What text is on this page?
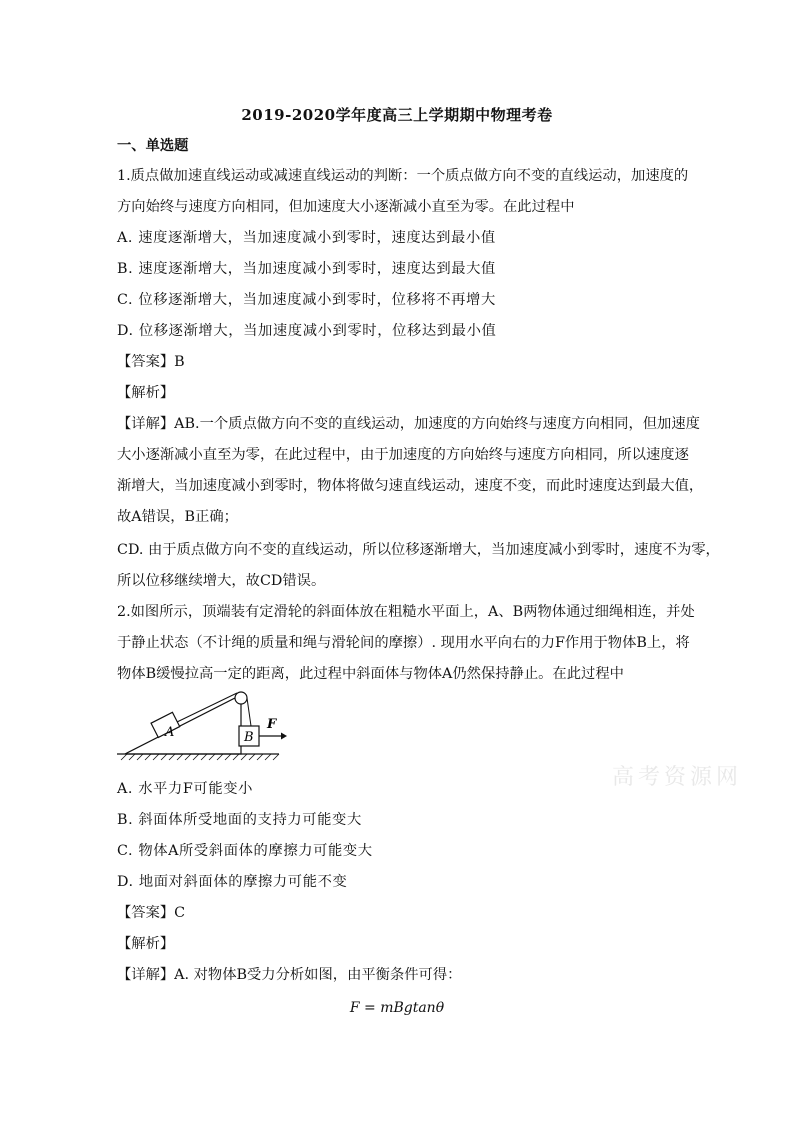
2019-2020学年度高三上学期期中物理考卷
一、单选题
1.质点做加速直线运动或减速直线运动的判断：一个质点做方向不变的直线运动，加速度的
方向始终与速度方向相同，但加速度大小逐渐减小直至为零。在此过程中
A. 速度逐渐增大，当加速度减小到零时，速度达到最小值
B. 速度逐渐增大，当加速度减小到零时，速度达到最大值
C. 位移逐渐增大，当加速度减小到零时，位移将不再增大
D. 位移逐渐增大，当加速度减小到零时，位移达到最小值
【答案】B
【解析】
【详解】AB.一个质点做方向不变的直线运动，加速度的方向始终与速度方向相同，但加速度
大小逐渐减小直至为零，在此过程中，由于加速度的方向始终与速度方向相同，所以速度逐
渐增大，当加速度减小到零时，物体将做匀速直线运动，速度不变，而此时速度达到最大值，
故A错误，B正确；
CD. 由于质点做方向不变的直线运动，所以位移逐渐增大，当加速度减小到零时，速度不为零，
所以位移继续增大，故CD错误。
2.如图所示，顶端装有定滑轮的斜面体放在粗糙水平面上，A、B两物体通过细绳相连，并处
于静止状态（不计绳的质量和绳与滑轮间的摩擦）. 现用水平向右的力F作用于物体B上，将
物体B缓慢拉高一定的距离，此过程中斜面体与物体A仍然保持静止。在此过程中
A	B
F
A. 水平力F可能变小
B. 斜面体所受地面的支持力可能变大
C. 物体A所受斜面体的摩擦力可能变大
D. 地面对斜面体的摩擦力可能不变
【答案】C
【解析】
【详解】A. 对物体B受力分析如图，由平衡条件可得：
F = mBgtanθ
高考资源网
